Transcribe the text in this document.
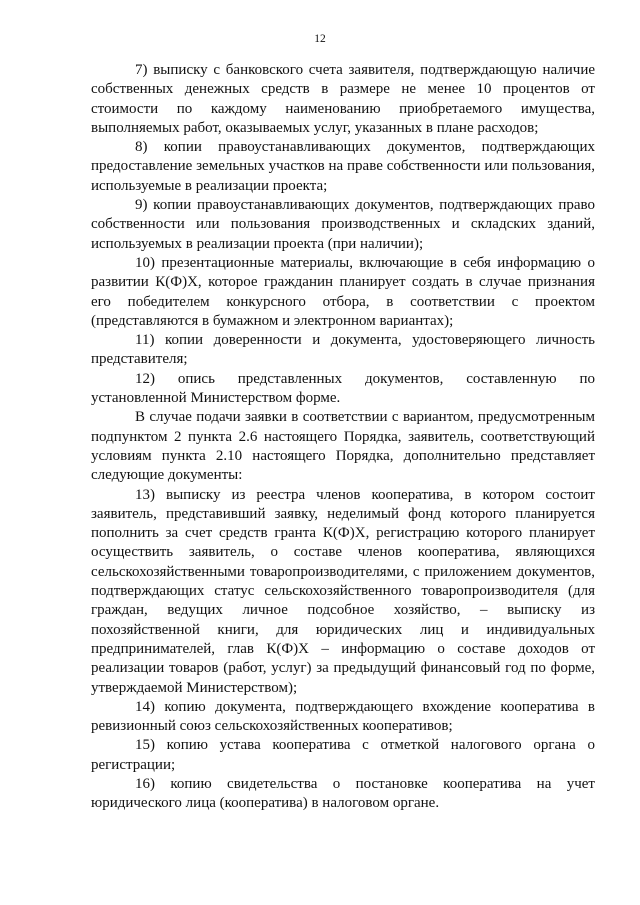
12

7) выписку с банковского счета заявителя, подтверждающую наличие собственных денежных средств в размере не менее 10 процентов от стоимости по каждому наименованию приобретаемого имущества, выполняемых работ, оказываемых услуг, указанных в плане расходов;

8) копии правоустанавливающих документов, подтверждающих предоставление земельных участков на праве собственности или пользования, используемые в реализации проекта;

9) копии правоустанавливающих документов, подтверждающих право собственности или пользования производственных и складских зданий, используемых в реализации проекта (при наличии);

10) презентационные материалы, включающие в себя информацию о развитии К(Ф)Х, которое гражданин планирует создать в случае признания его победителем конкурсного отбора, в соответствии с проектом (представляются в бумажном и электронном вариантах);

11) копии доверенности и документа, удостоверяющего личность представителя;

12) опись представленных документов, составленную по установленной Министерством форме.

В случае подачи заявки в соответствии с вариантом, предусмотренным подпунктом 2 пункта 2.6 настоящего Порядка, заявитель, соответствующий условиям пункта 2.10 настоящего Порядка, дополнительно представляет следующие документы:

13) выписку из реестра членов кооператива, в котором состоит заявитель, представивший заявку, неделимый фонд которого планируется пополнить за счет средств гранта К(Ф)Х, регистрацию которого планирует осуществить заявитель, о составе членов кооператива, являющихся сельскохозяйственными товаропроизводителями, с приложением документов, подтверждающих статус сельскохозяйственного товаропроизводителя (для граждан, ведущих личное подсобное хозяйство, – выписку из похозяйственной книги, для юридических лиц и индивидуальных предпринимателей, глав К(Ф)Х – информацию о составе доходов от реализации товаров (работ, услуг) за предыдущий финансовый год по форме, утверждаемой Министерством);

14) копию документа, подтверждающего вхождение кооператива в ревизионный союз сельскохозяйственных кооперативов;

15) копию устава кооператива с отметкой налогового органа о регистрации;

16) копию свидетельства о постановке кооператива на учет юридического лица (кооператива) в налоговом органе.
